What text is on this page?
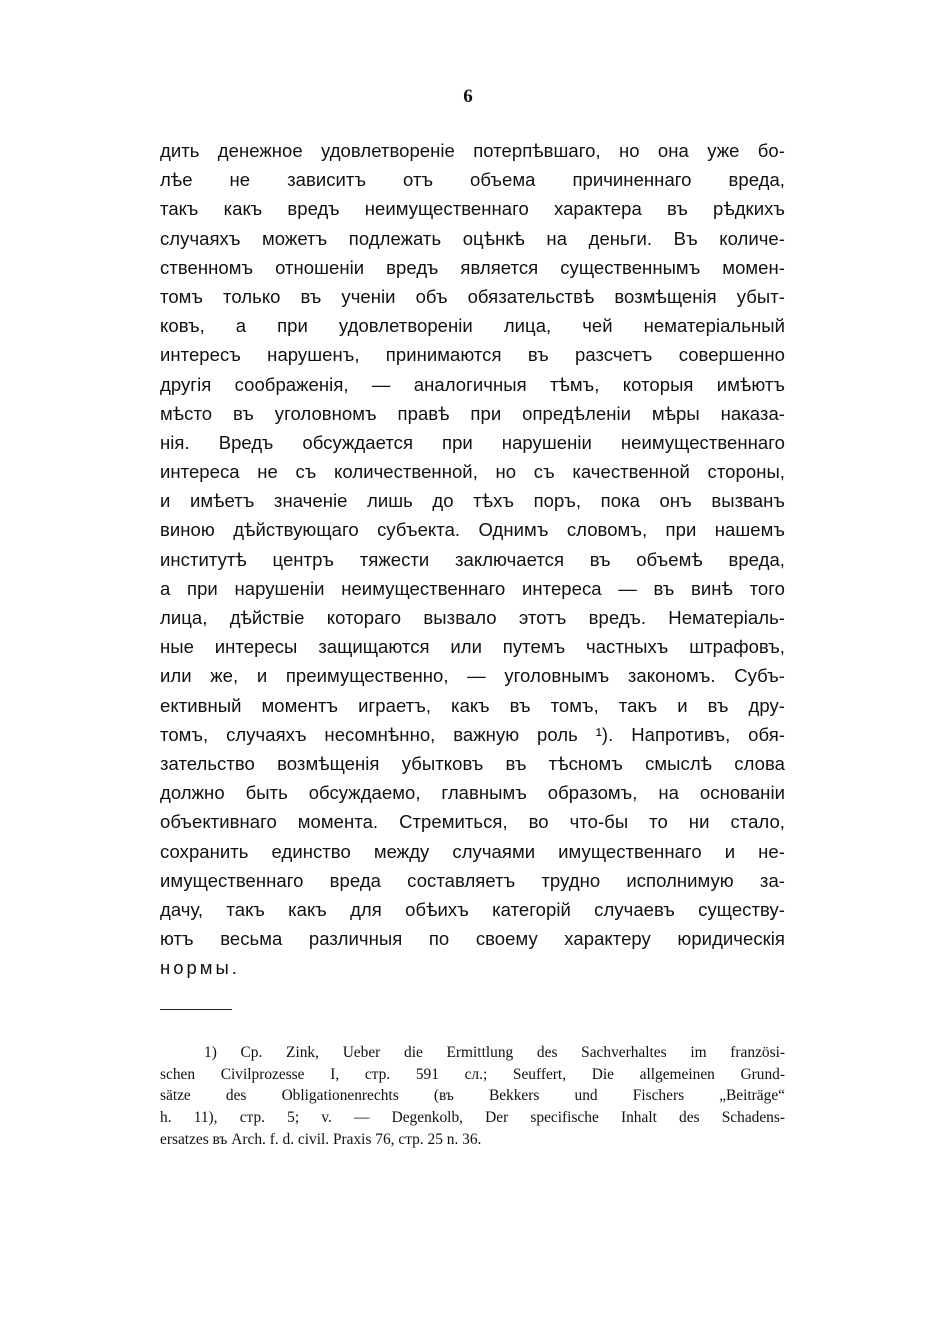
6
дить денежное удовлетвореніе потерпѣвшаго, но она уже бо-
лѣе не зависитъ отъ объема причиненнаго вреда,
такъ какъ вредъ неимущественнаго характера въ рѣдкихъ
случаяхъ можетъ подлежать оцѣнкѣ на деньги. Въ количе-
ственномъ отношеніи вредъ является существеннымъ момен-
томъ только въ ученіи объ обязательствѣ возмѣщенія убыт-
ковъ, а при удовлетвореніи лица, чей нематеріальный
интересъ нарушенъ, принимаются въ разсчетъ совершенно
другія соображенія, — аналогичныя тѣмъ, которыя имѣютъ
мѣсто въ уголовномъ правѣ при опредѣленіи мѣры наказа-
нія. Вредъ обсуждается при нарушеніи неимущественнаго
интереса не съ количественной, но съ качественной стороны,
и имѣетъ значеніе лишь до тѣхъ поръ, пока онъ вызванъ
виною дѣйствующаго субъекта. Однимъ словомъ, при нашемъ
институтѣ центръ тяжести заключается въ объемѣ вреда,
а при нарушеніи неимущественнаго интереса — въ винѣ того
лица, дѣйствіе котораго вызвало этотъ вредъ. Нематеріаль-
ные интересы защищаются или путемъ частныхъ штрафовъ,
или же, и преимущественно, — уголовнымъ закономъ. Субъ-
ективный моментъ играетъ, какъ въ томъ, такъ и въ дру-
томъ, случаяхъ несомнѣнно, важную роль ¹). Напротивъ, обя-
зательство возмѣщенія убытковъ въ тѣсномъ смыслѣ слова
должно быть обсуждаемо, главнымъ образомъ, на основаніи
объективнаго момента. Стремиться, во что-бы то ни стало,
сохранить единство между случаями имущественнаго и не-
имущественнаго вреда составляетъ трудно исполнимую за-
дачу, такъ какъ для обѣихъ категорій случаевъ существу-
ютъ весьма различныя по своему характеру юридическія
нормы.
1) Cp. Zink, Ueber die Ermittlung des Sachverhaltes im französi-
schen Civilprozesse I, стр. 591 сл.; Seuffert, Die allgemeinen Grund-
sätze des Obligationenrechts (въ Bekkers und Fischers „Beiträge“
h. 11), стр. 5; v. — Degenkolb, Der specifische Inhalt des Schadens-
ersatzes въ Arch. f. d. civil. Praxis 76, стр. 25 n. 36.
